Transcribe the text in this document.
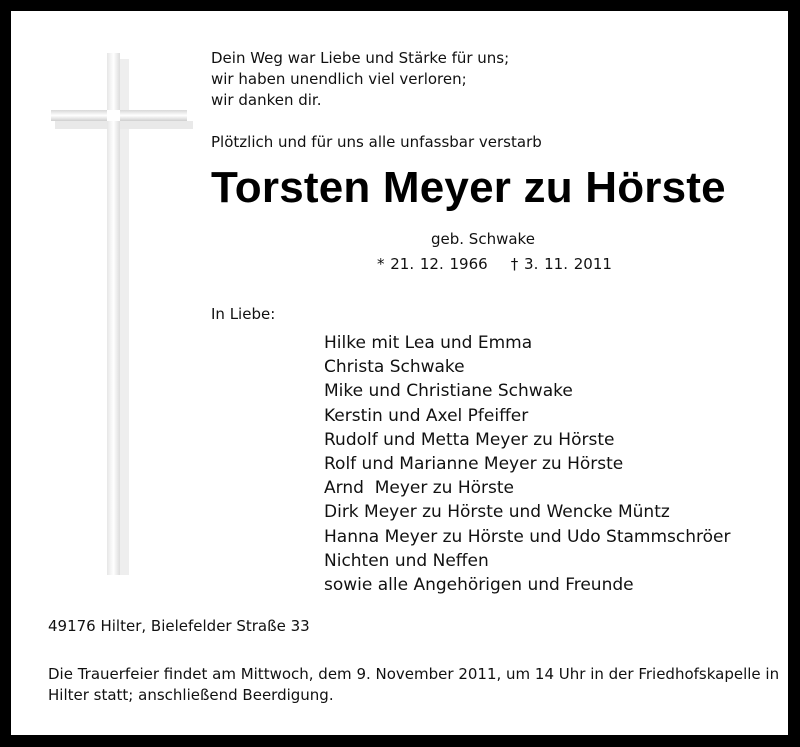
Dein Weg war Liebe und Stärke für uns;
wir haben unendlich viel verloren;
wir danken dir.
Plötzlich und für uns alle unfassbar verstarb
Torsten Meyer zu Hörste
geb. Schwake
* 21. 12. 1966    † 3. 11. 2011
In Liebe:
Hilke mit Lea und Emma
Christa Schwake
Mike und Christiane Schwake
Kerstin und Axel Pfeiffer
Rudolf und Metta Meyer zu Hörste
Rolf und Marianne Meyer zu Hörste
Arnd  Meyer zu Hörste
Dirk Meyer zu Hörste und Wencke Müntz
Hanna Meyer zu Hörste und Udo Stammschröer
Nichten und Neffen
sowie alle Angehörigen und Freunde
49176 Hilter, Bielefelder Straße 33
Die Trauerfeier findet am Mittwoch, dem 9. November 2011, um 14 Uhr in der Friedhofskapelle in Hilter statt; anschließend Beerdigung.
